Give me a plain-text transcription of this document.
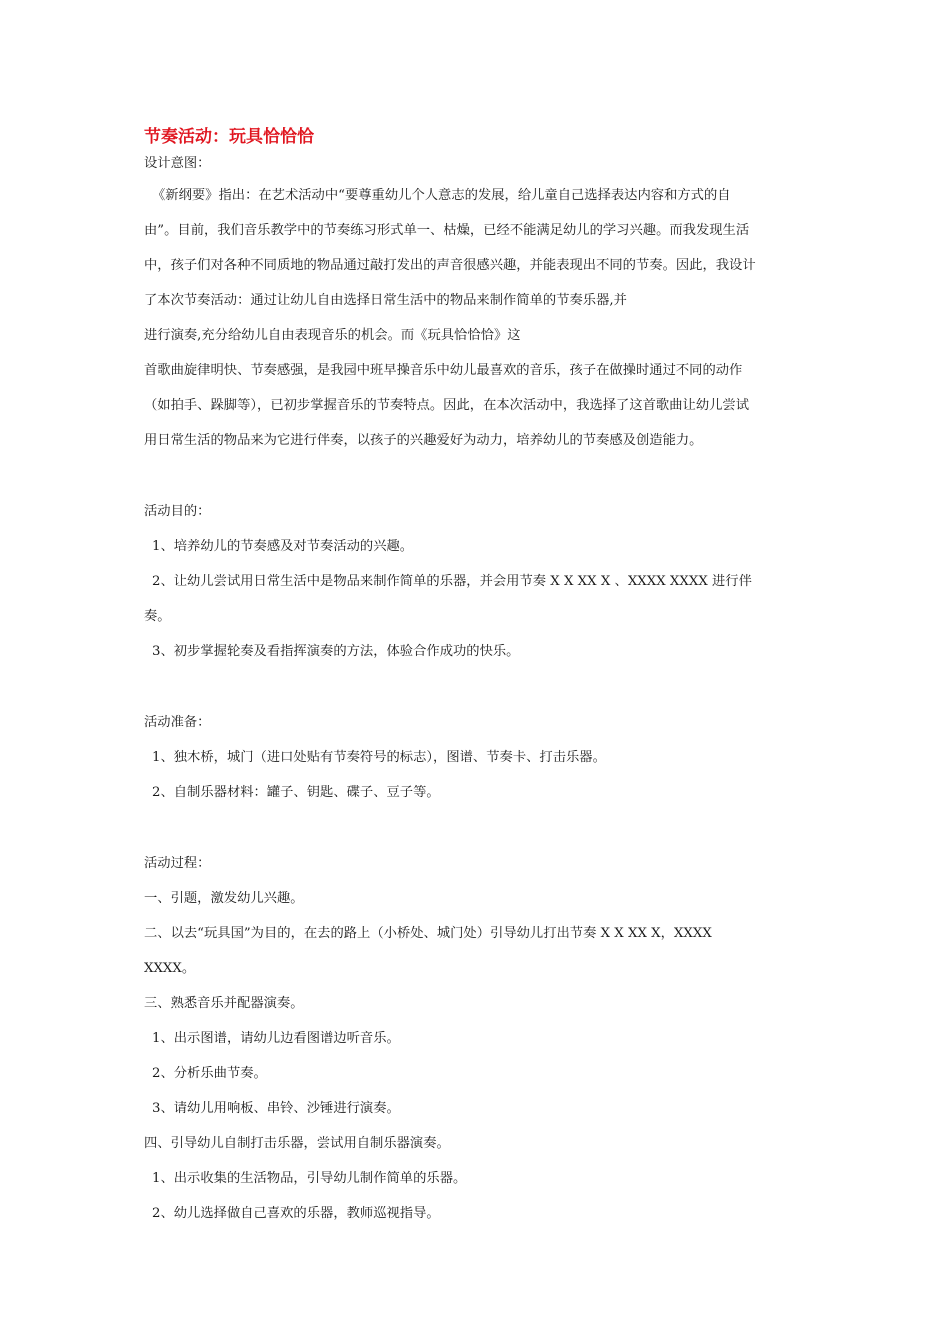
节奏活动：玩具恰恰恰

设计意图：

《新纲要》指出：在艺术活动中“要尊重幼儿个人意志的发展，给儿童自己选择表达内容和方式的自

由”。目前，我们音乐教学中的节奏练习形式单一、枯燥，已经不能满足幼儿的学习兴趣。而我发现生活

中，孩子们对各种不同质地的物品通过敲打发出的声音很感兴趣，并能表现出不同的节奏。因此，我设计

了本次节奏活动：通过让幼儿自由选择日常生活中的物品来制作简单的节奏乐器,并

进行演奏,充分给幼儿自由表现音乐的机会。而《玩具恰恰恰》这

首歌曲旋律明快、节奏感强，是我园中班早操音乐中幼儿最喜欢的音乐，孩子在做操时通过不同的动作

（如拍手、跺脚等），已初步掌握音乐的节奏特点。因此，在本次活动中，我选择了这首歌曲让幼儿尝试

用日常生活的物品来为它进行伴奏，以孩子的兴趣爱好为动力，培养幼儿的节奏感及创造能力。

活动目的：

1、培养幼儿的节奏感及对节奏活动的兴趣。

2、让幼儿尝试用日常生活中是物品来制作简单的乐器，并会用节奏 X X XX X 、XXXX XXXX 进行伴

奏。

3、初步掌握轮奏及看指挥演奏的方法，体验合作成功的快乐。

活动准备：

1、独木桥，城门（进口处贴有节奏符号的标志），图谱、节奏卡、打击乐器。

2、自制乐器材料：罐子、钥匙、碟子、豆子等。

活动过程：

一、引题，激发幼儿兴趣。

二、以去“玩具国”为目的，在去的路上（小桥处、城门处）引导幼儿打出节奏 X X XX X，XXXX

XXXX。

三、熟悉音乐并配器演奏。

1、出示图谱，请幼儿边看图谱边听音乐。

2、分析乐曲节奏。

3、请幼儿用响板、串铃、沙锤进行演奏。

四、引导幼儿自制打击乐器，尝试用自制乐器演奏。

1、出示收集的生活物品，引导幼儿制作简单的乐器。

2、幼儿选择做自己喜欢的乐器，教师巡视指导。
